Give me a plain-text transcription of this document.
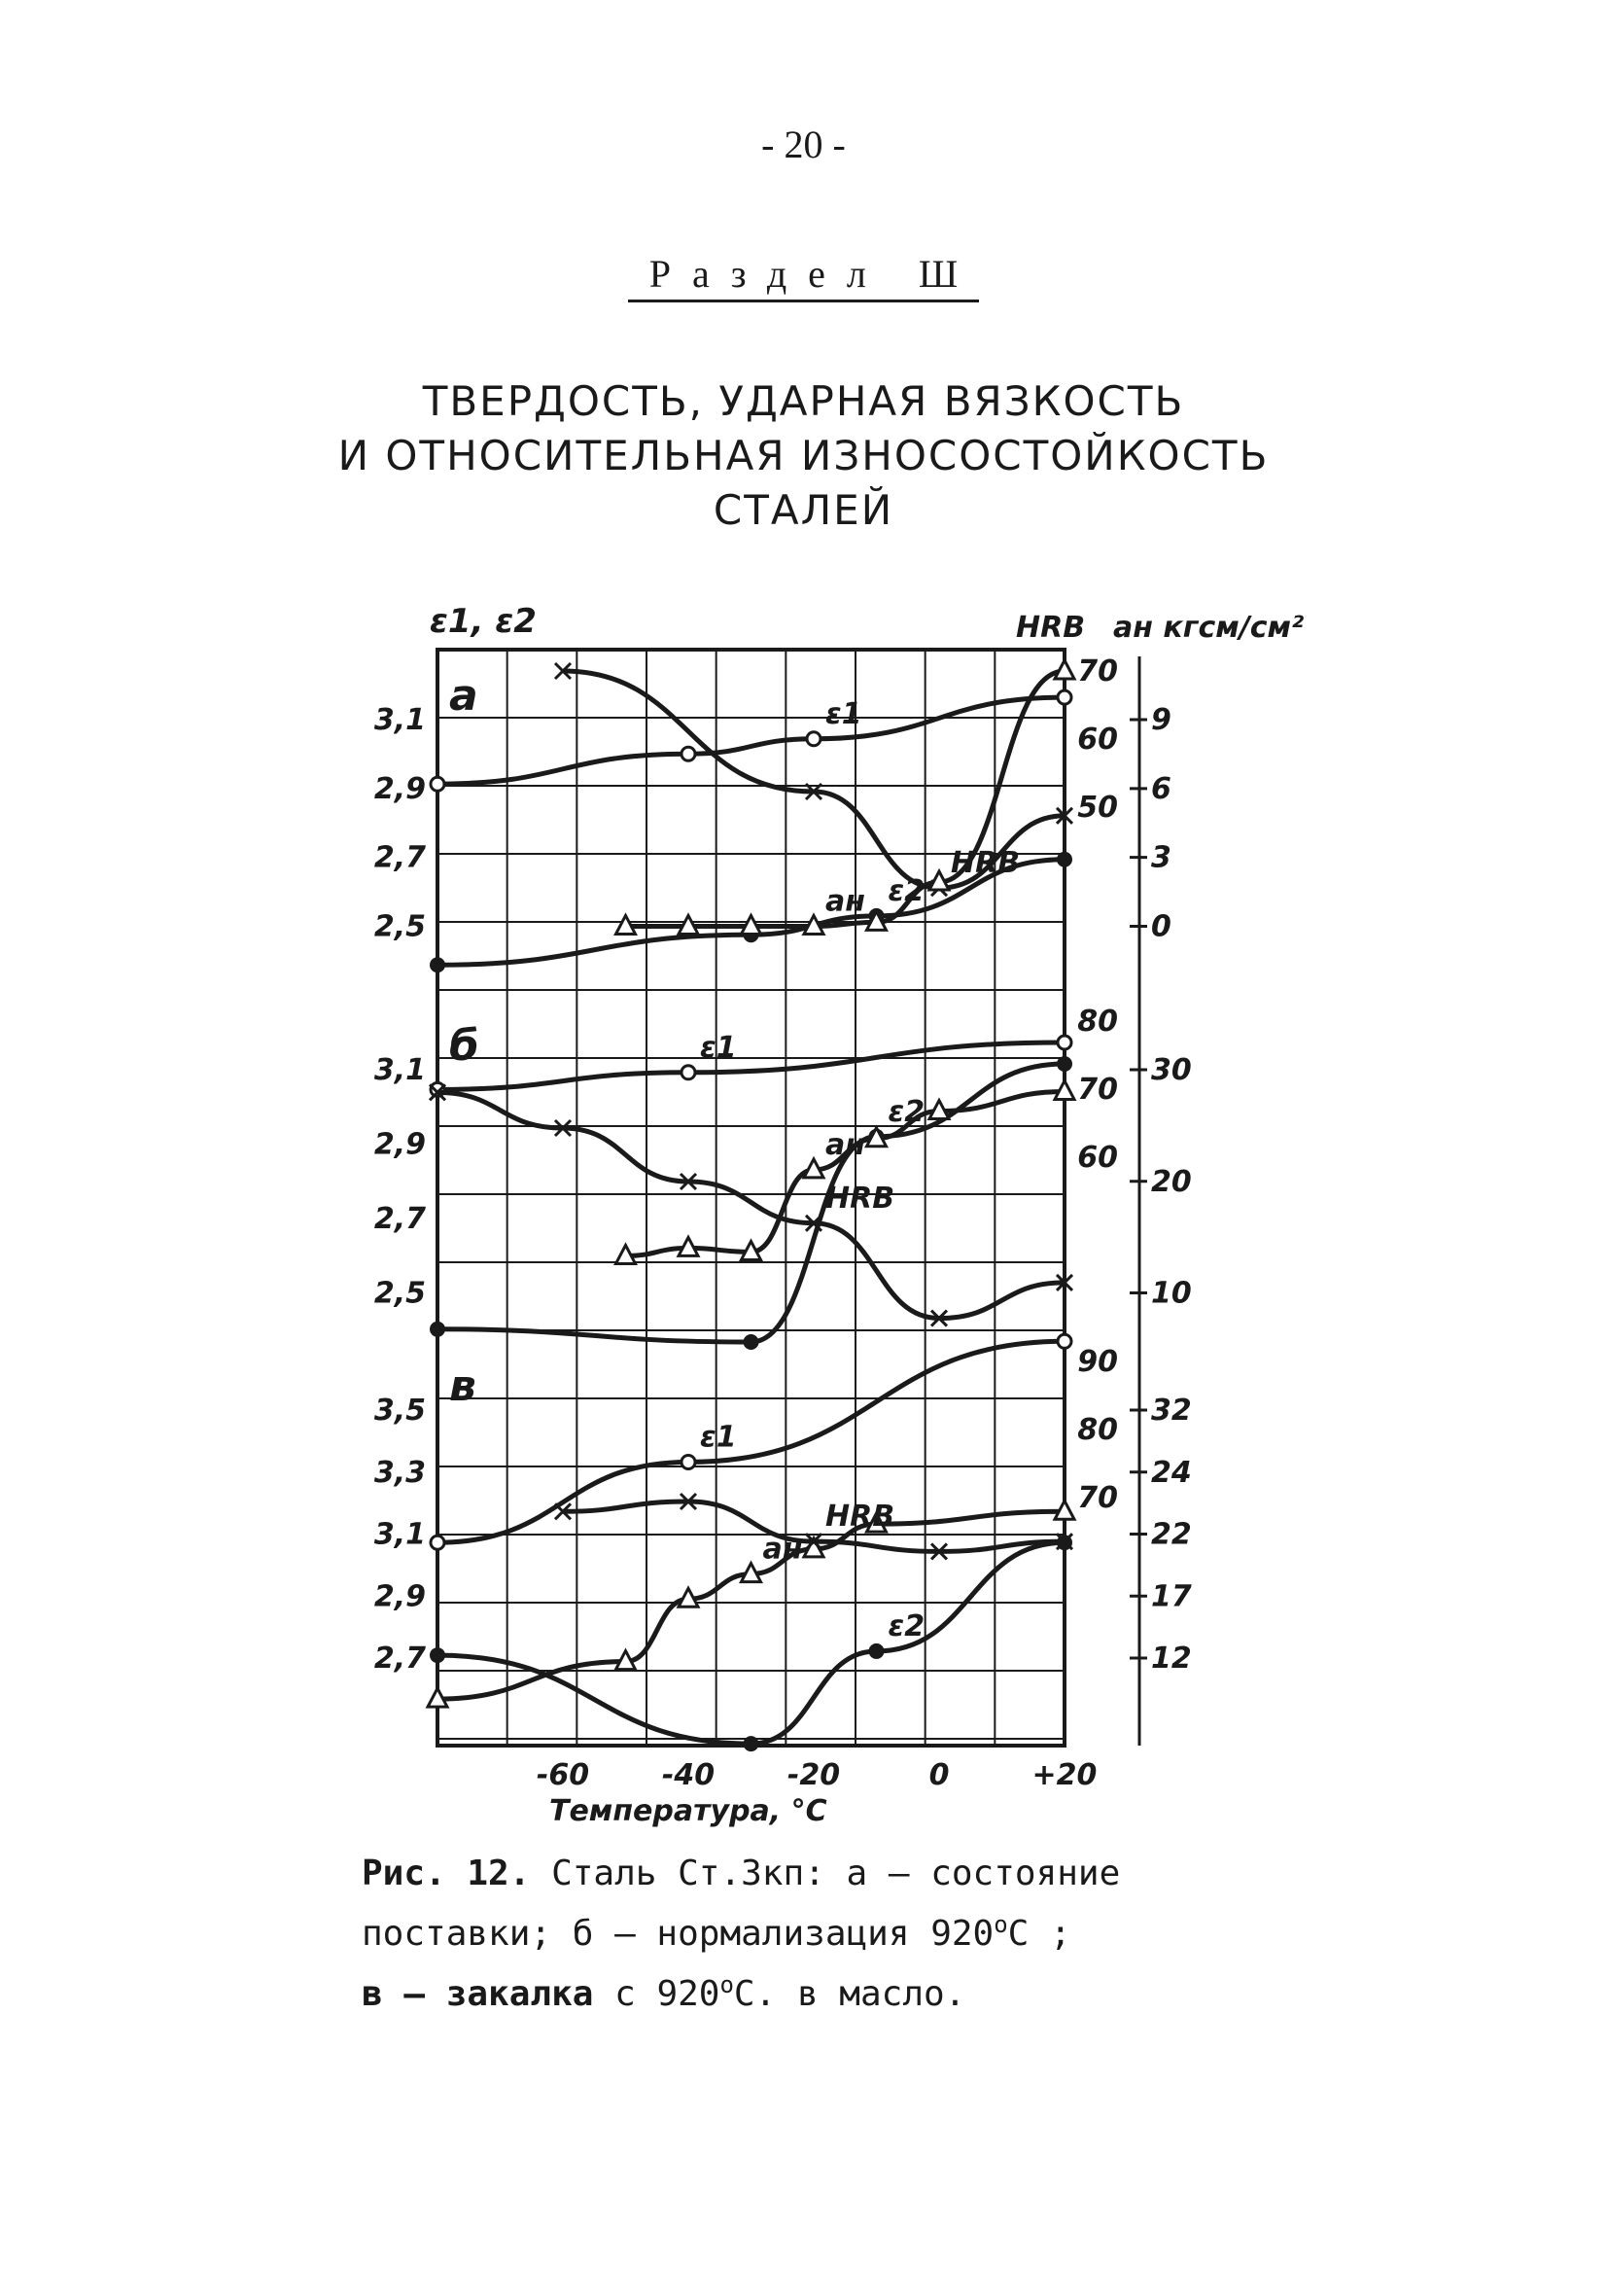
- 20 -
Раздел Ш
ТВЕРДОСТЬ, УДАРНАЯ ВЯЗКОСТЬ
И ОТНОСИТЕЛЬНАЯ ИЗНОСОСТОЙКОСТЬ
СТАЛЕЙ
ε1, ε2	HRB aн кгсм/см²
-60 -40 -20	0	+20
Температура, °C
a
3,1
2,9
2,7
2,5
70
60
50
9
6
3
0
HRB
ε1
ε2
aн
б
3,1
2,9
2,7
2,5
80
70
60
30
20
10
ε1
HRB
ε2
aн
в
3,5
3,3
3,1
2,9
2,7
90
80
70
32
24
22
17
12
ε1
aн
HRB
ε2
Рис. 12. Сталь Ст.3кп: а – состояние
поставки; б – нормализация 920$^o$С ;
в – закалка с 920$^o$С. в масло.
